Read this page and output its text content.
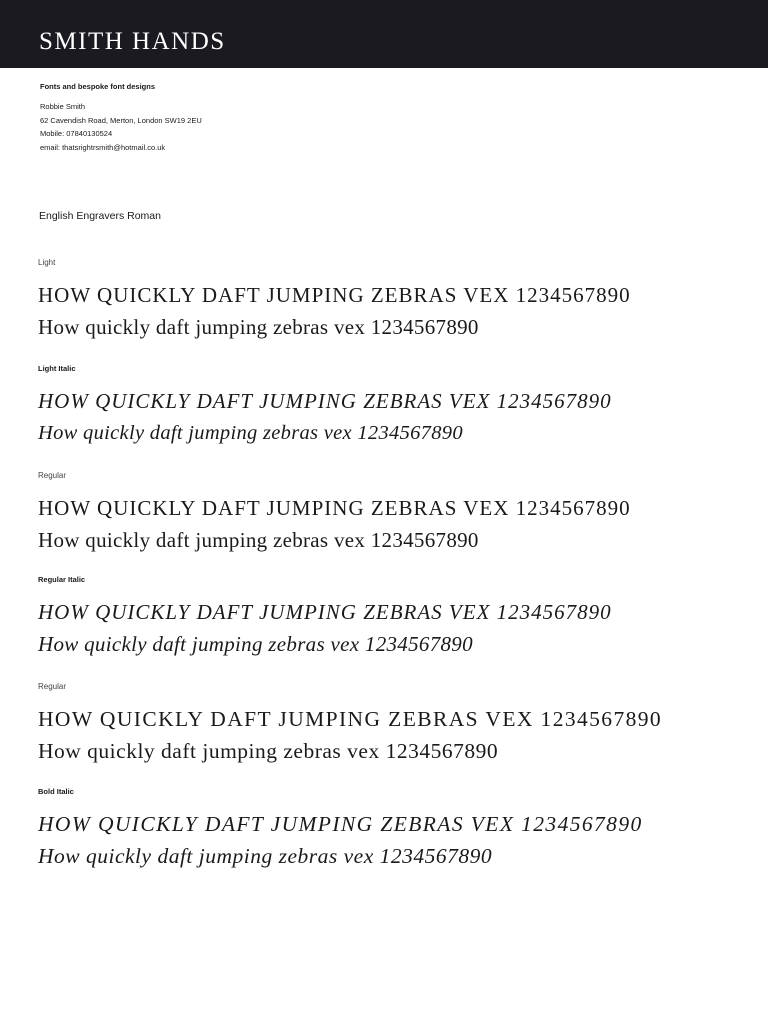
SMITH HANDS
Fonts and bespoke font designs
Robbie Smith
62 Cavendish Road, Merton, London SW19 2EU
Mobile: 07840130524
email: thatsrightrsmith@hotmail.co.uk
English Engravers Roman
Light
HOW QUICKLY DAFT JUMPING ZEBRAS VEX 1234567890
How quickly daft jumping zebras vex 1234567890
Light Italic
HOW QUICKLY DAFT JUMPING ZEBRAS VEX 1234567890
How quickly daft jumping zebras vex 1234567890
Regular
HOW QUICKLY DAFT JUMPING ZEBRAS VEX 1234567890
How quickly daft jumping zebras vex 1234567890
Regular Italic
HOW QUICKLY DAFT JUMPING ZEBRAS VEX 1234567890
How quickly daft jumping zebras vex 1234567890
Regular
HOW QUICKLY DAFT JUMPING ZEBRAS VEX 1234567890
How quickly daft jumping zebras vex 1234567890
Bold Italic
HOW QUICKLY DAFT JUMPING ZEBRAS VEX 1234567890
How quickly daft jumping zebras vex 1234567890
